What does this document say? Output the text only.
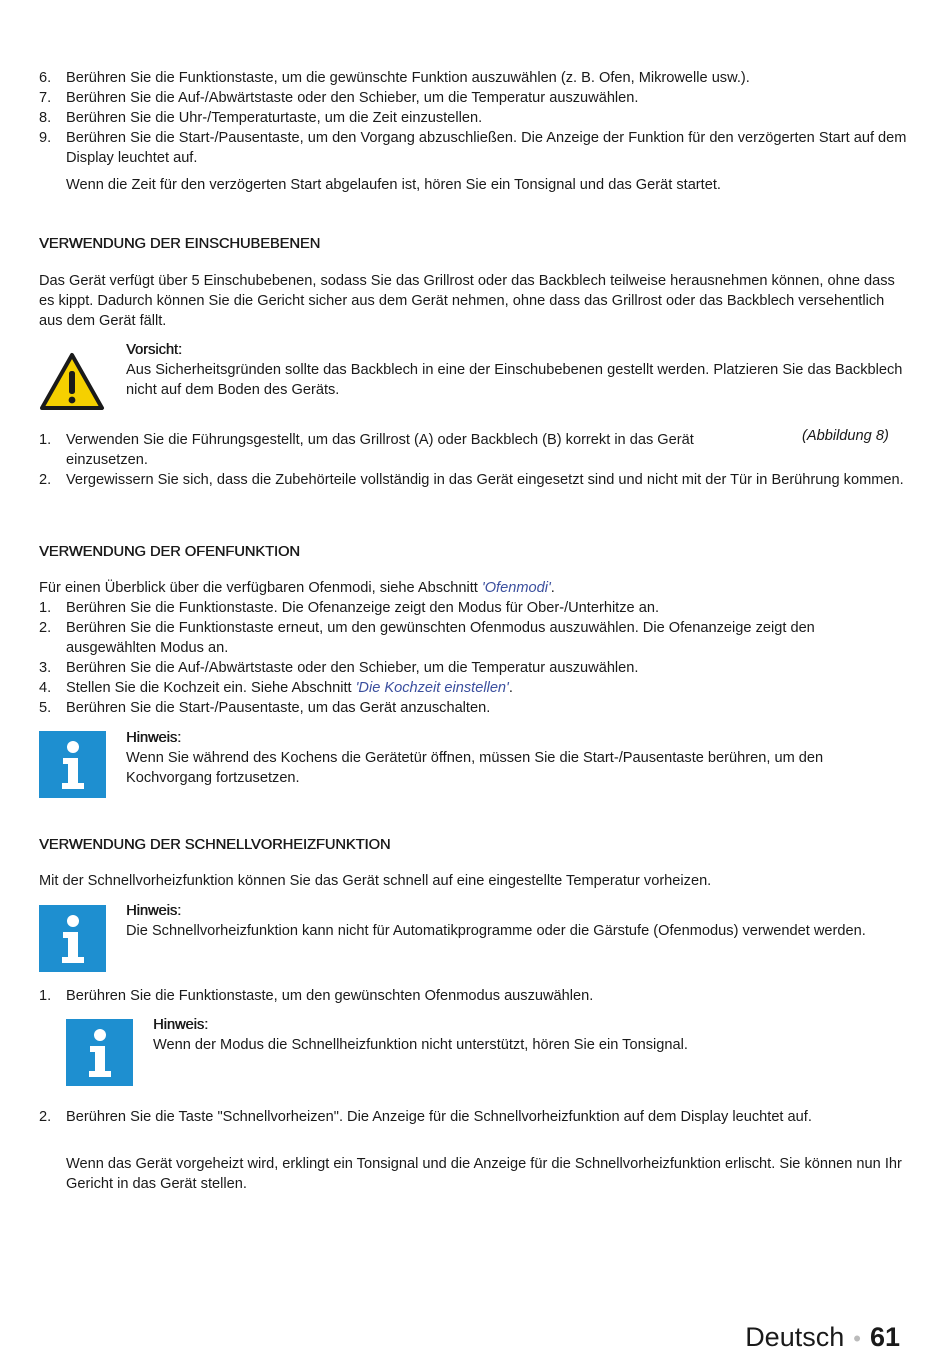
6.	Berühren Sie die Funktionstaste, um die gewünschte Funktion auszuwählen (z. B. Ofen, Mikrowelle usw.).
7.	Berühren Sie die Auf-/Abwärtstaste oder den Schieber, um die Temperatur auszuwählen.
8.	Berühren Sie die Uhr-/Temperaturtaste, um die Zeit einzustellen.
9.	Berühren Sie die Start-/Pausentaste, um den Vorgang abzuschließen. Die Anzeige der Funktion für den verzögerten Start auf dem Display leuchtet auf.
Wenn die Zeit für den verzögerten Start abgelaufen ist, hören Sie ein Tonsignal und das Gerät startet.
VERWENDUNG DER EINSCHUBEBENEN
Das Gerät verfügt über 5 Einschubebenen, sodass Sie das Grillrost oder das Backblech teilweise herausnehmen können, ohne dass es kippt. Dadurch können Sie die Gericht sicher aus dem Gerät nehmen, ohne dass das Grillrost oder das Backblech versehentlich aus dem Gerät fällt.
Vorsicht:
Aus Sicherheitsgründen sollte das Backblech in eine der Einschubebenen gestellt werden. Platzieren Sie das Backblech nicht auf dem Boden des Geräts.
(Abbildung 8)
1.	Verwenden Sie die Führungsgestellt, um das Grillrost (A) oder Backblech (B) korrekt in das Gerät einzusetzen.
2.	Vergewissern Sie sich, dass die Zubehörteile vollständig in das Gerät eingesetzt sind und nicht mit der Tür in Berührung kommen.
VERWENDUNG DER OFENFUNKTION
Für einen Überblick über die verfügbaren Ofenmodi, siehe Abschnitt 'Ofenmodi'.
1.	Berühren Sie die Funktionstaste. Die Ofenanzeige zeigt den Modus für Ober-/Unterhitze an.
2.	Berühren Sie die Funktionstaste erneut, um den gewünschten Ofenmodus auszuwählen. Die Ofenanzeige zeigt den ausgewählten Modus an.
3.	Berühren Sie die Auf-/Abwärtstaste oder den Schieber, um die Temperatur auszuwählen.
4.	Stellen Sie die Kochzeit ein. Siehe Abschnitt 'Die Kochzeit einstellen'.
5.	Berühren Sie die Start-/Pausentaste, um das Gerät anzuschalten.
Hinweis:
Wenn Sie während des Kochens die Gerätetür öffnen, müssen Sie die Start-/Pausentaste berühren, um den Kochvorgang fortzusetzen.
VERWENDUNG DER SCHNELLVORHEIZFUNKTION
Mit der Schnellvorheizfunktion können Sie das Gerät schnell auf eine eingestellte Temperatur vorheizen.
Hinweis:
Die Schnellvorheizfunktion kann nicht für Automatikprogramme oder die Gärstufe (Ofenmodus) verwendet werden.
1.	Berühren Sie die Funktionstaste, um den gewünschten Ofenmodus auszuwählen.
Hinweis:
Wenn der Modus die Schnellheizfunktion nicht unterstützt, hören Sie ein Tonsignal.
2.	Berühren Sie die Taste "Schnellvorheizen". Die Anzeige für die Schnellvorheizfunktion auf dem Display leuchtet auf.
Wenn das Gerät vorgeheizt wird, erklingt ein Tonsignal und die Anzeige für die Schnellvorheizfunktion erlischt. Sie können nun Ihr Gericht in das Gerät stellen.
Deutsch • 61
